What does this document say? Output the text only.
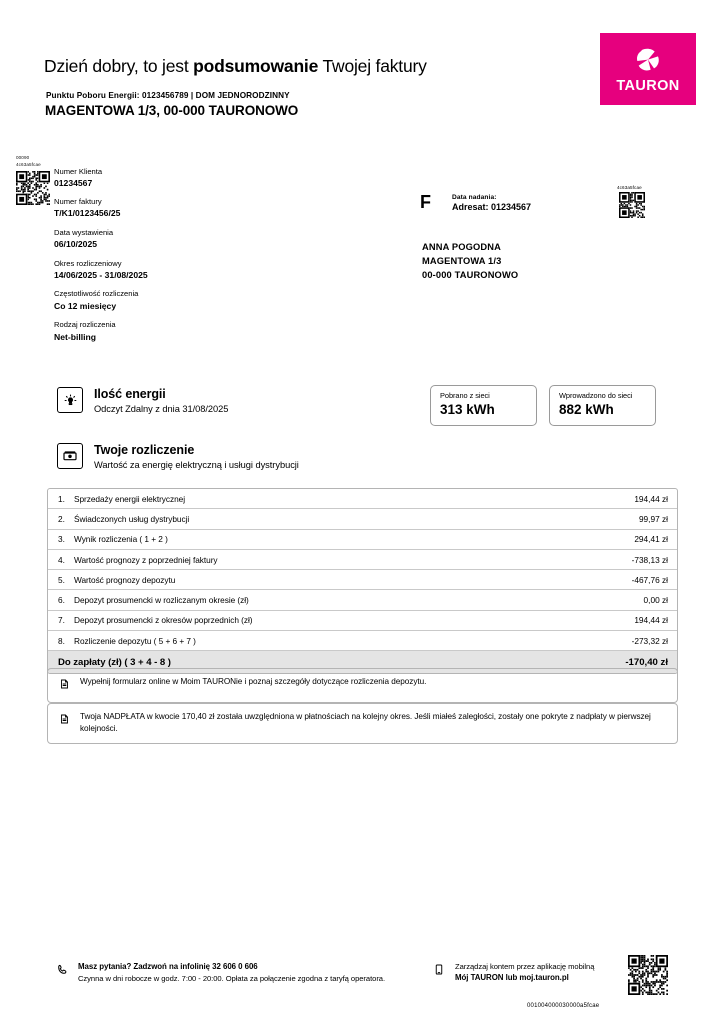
Dzień dobry, to jest podsumowanie Twojej faktury
Punktu Poboru Energii: 0123456789 | DOM JEDNORODZINNY
MAGENTOWA 1/3, 00-000 TAURONOWO
TAURON
00090
4c63a5fcae
Numer Klienta
01234567
Numer faktury
T/K1/0123456/25
Data wystawienia
06/10/2025
Okres rozliczeniowy
14/06/2025 - 31/08/2025
Częstotliwość rozliczenia
Co 12 miesięcy
Rodzaj rozliczenia
Net-billing
F	Data nadania:
Adresat: 01234567
ANNA POGODNA
MAGENTOWA 1/3
00-000 TAURONOWO
4c63a5fcae
Ilość energii
Odczyt Zdalny z dnia 31/08/2025
Pobrano z sieci
313 kWh
Wprowadzono do sieci
882 kWh
Twoje rozliczenie
Wartość za energię elektryczną i usługi dystrybucji
1.	Sprzedaży energii elektrycznej	194,44 zł
2.	Świadczonych usług dystrybucji	99,97 zł
3.	Wynik rozliczenia ( 1 + 2 )	294,41 zł
4.	Wartość prognozy z poprzedniej faktury	-738,13 zł
5.	Wartość prognozy depozytu	-467,76 zł
6.	Depozyt prosumencki w rozliczanym okresie (zł)	0,00 zł
7.	Depozyt prosumencki z okresów poprzednich (zł)	194,44 zł
8.	Rozliczenie depozytu ( 5 + 6 + 7 )	-273,32 zł
Do zapłaty (zł) ( 3 + 4 - 8 )	-170,40 zł
Wypełnij formularz online w Moim TAURONie i poznaj szczegóły dotyczące rozliczenia depozytu.
Twoja NADPŁATA w kwocie 170,40 zł została uwzględniona w płatnościach na kolejny okres. Jeśli miałeś zaległości, zostały one pokryte z nadpłaty w pierwszej kolejności.
Masz pytania? Zadzwoń na infolinię 32 606 0 606
Czynna w dni robocze w godz. 7:00 - 20:00. Opłata za połączenie zgodna z taryfą operatora.
Zarządzaj kontem przez aplikację mobilną
Mój TAURON lub moj.tauron.pl
001004000030000a5fcae
